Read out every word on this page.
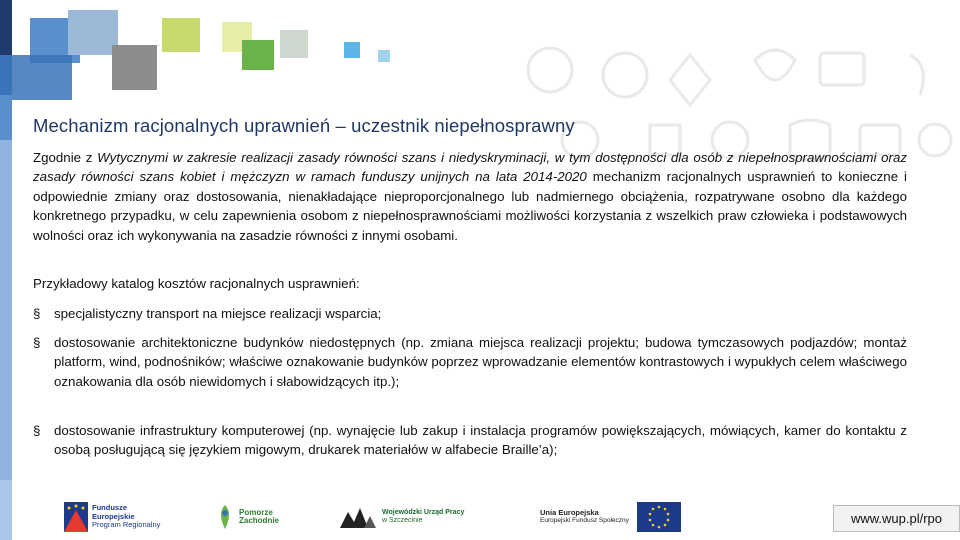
Mechanizm racjonalnych uprawnień – uczestnik niepełnosprawny
Zgodnie z Wytycznymi w zakresie realizacji zasady równości szans i niedyskryminacji, w tym dostępności dla osób z niepełnosprawnościami oraz zasady równości szans kobiet i mężczyzn w ramach funduszy unijnych na lata 2014-2020 mechanizm racjonalnych usprawnień to konieczne i odpowiednie zmiany oraz dostosowania, nienakładające nieproporcjonalnego lub nadmiernego obciążenia, rozpatrywane osobno dla każdego konkretnego przypadku, w celu zapewnienia osobom z niepełnosprawnościami możliwości korzystania z wszelkich praw człowieka i podstawowych wolności oraz ich wykonywania na zasadzie równości z innymi osobami.
Przykładowy katalog kosztów racjonalnych usprawnień:
§	specjalistyczny transport na miejsce realizacji wsparcia;
§	dostosowanie architektoniczne budynków niedostępnych (np. zmiana miejsca realizacji projektu; budowa tymczasowych podjazdów; montaż platform, wind, podnośników; właściwe oznakowanie budynków poprzez wprowadzanie elementów kontrastowych i wypukłych celem właściwego oznakowania dla osób niewidomych i słabowidzących itp.);
§	dostosowanie infrastruktury komputerowej (np. wynajęcie lub zakup i instalacja programów powiększających, mówiących, kamer do kontaktu z osobą posługującą się językiem migowym, drukarek materiałów w alfabecie Braille’a);
Fundusze
Europejskie
Program Regionalny
Pomorze
Zachodnie
Wojewódzki Urząd Pracy
w Szczecinie
Unia Europejska
Europejski Fundusz Społeczny	www.wup.pl/rpo
